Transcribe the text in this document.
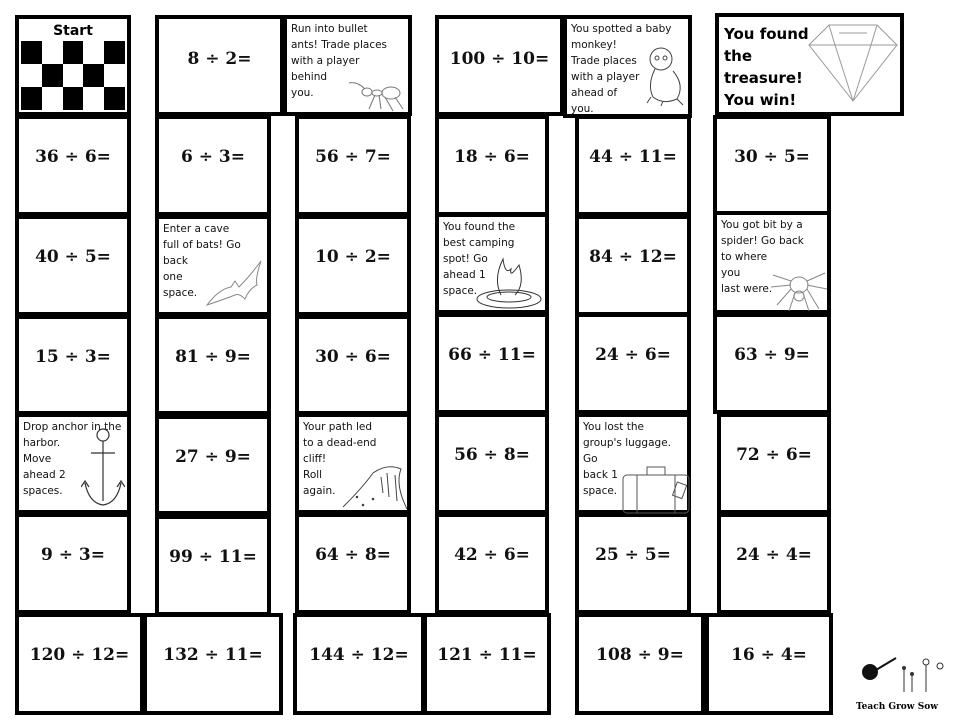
Start	You found
the
treasure!
You win!
8 ÷ 2=	100 ÷ 10=
36 ÷ 6=	6 ÷ 3=	56 ÷ 7=	18 ÷ 6=	44 ÷ 11=	30 ÷ 5=
40 ÷ 5=	10 ÷ 2=	84 ÷ 12=
15 ÷ 3=	81 ÷ 9=	30 ÷ 6=	66 ÷ 11=	24 ÷ 6=	63 ÷ 9=
27 ÷ 9=	56 ÷ 8=	72 ÷ 6=
9 ÷ 3=	99 ÷ 11=	64 ÷ 8=	42 ÷ 6=	25 ÷ 5=	24 ÷ 4=
120 ÷ 12=	132 ÷ 11=	144 ÷ 12=	121 ÷ 11=	108 ÷ 9=	16 ÷ 4=
Run into bullet
ants! Trade places
with a player
behind
you.
You spotted a baby
monkey!
Trade places
with a player
ahead of
you.
Enter a cave
full of bats! Go
back
one
space.
You found the
best camping
spot! Go
ahead 1
space.
You got bit by a
spider! Go back
to where
you
last were.
Drop anchor in the
harbor.
Move
ahead 2
spaces.
Your path led
to a dead-end
cliff!
Roll
again.
You lost the
group's luggage.
Go
back 1
space.
Teach Grow Sow
